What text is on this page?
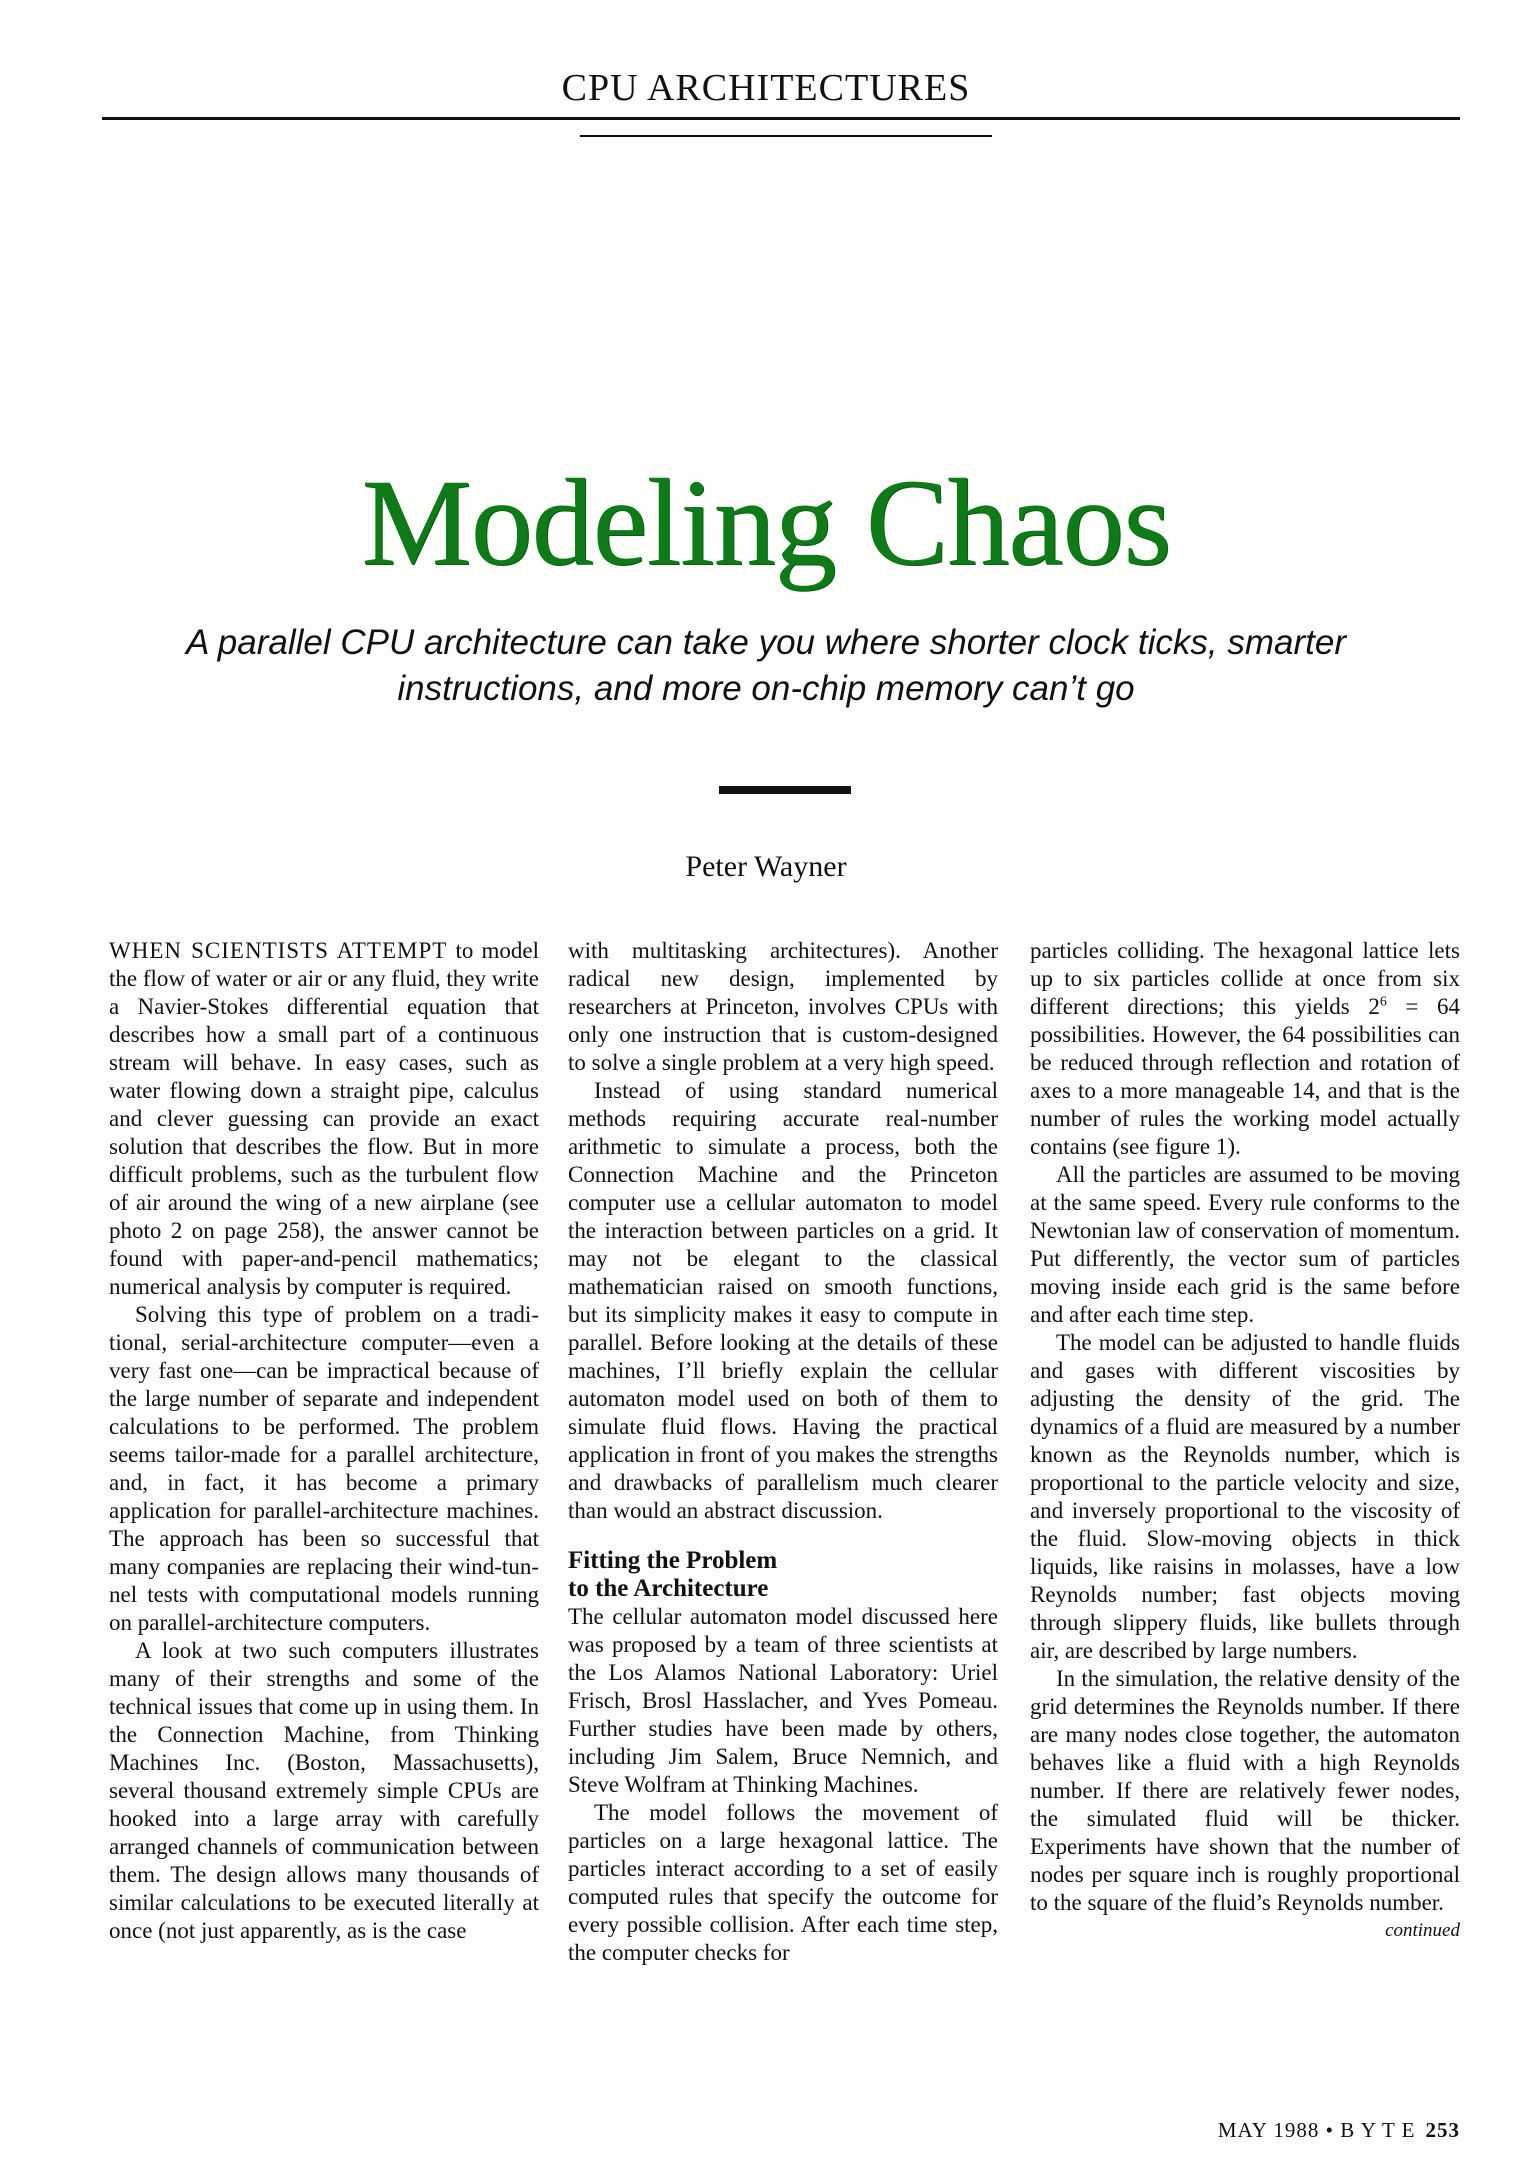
CPU ARCHITECTURES
Modeling Chaos
A parallel CPU architecture can take you where shorter clock ticks, smarter instructions, and more on-chip memory can’t go
Peter Wayner

WHEN SCIENTISTS ATTEMPT to model the flow of water or air or any fluid, they write a Navier-Stokes differential equation that describes how a small part of a continuous stream will behave. In easy cases, such as water flowing down a straight pipe, calculus and clever guessing can provide an exact solution that describes the flow. But in more difficult problems, such as the turbulent flow of air around the wing of a new airplane (see photo 2 on page 258), the answer cannot be found with paper-and-pencil mathematics; numerical analysis by computer is required.

Solving this type of problem on a traditional, serial-architecture computer—even a very fast one—can be impractical because of the large number of separate and independent calculations to be performed. The problem seems tailor-made for a parallel architecture, and, in fact, it has become a primary application for parallel-architecture machines. The approach has been so successful that many companies are replacing their wind-tunnel tests with computational models running on parallel-architecture computers.

A look at two such computers illustrates many of their strengths and some of the technical issues that come up in using them. In the Connection Machine, from Thinking Machines Inc. (Boston, Massachusetts), several thousand extremely simple CPUs are hooked into a large array with carefully arranged channels of communication between them. The design allows many thousands of similar calculations to be executed literally at once (not just apparently, as is the case

with multitasking architectures). Another radical new design, implemented by researchers at Princeton, involves CPUs with only one instruction that is custom-designed to solve a single problem at a very high speed.

Instead of using standard numerical methods requiring accurate real-number arithmetic to simulate a process, both the Connection Machine and the Princeton computer use a cellular automaton to model the interaction between particles on a grid. It may not be elegant to the classical mathematician raised on smooth functions, but its simplicity makes it easy to compute in parallel. Before looking at the details of these machines, I’ll briefly explain the cellular automaton model used on both of them to simulate fluid flows. Having the practical application in front of you makes the strengths and drawbacks of parallelism much clearer than would an abstract discussion.

Fitting the Problem
to the Architecture

The cellular automaton model discussed here was proposed by a team of three scientists at the Los Alamos National Laboratory: Uriel Frisch, Brosl Hasslacher, and Yves Pomeau. Further studies have been made by others, including Jim Salem, Bruce Nemnich, and Steve Wolfram at Thinking Machines.

The model follows the movement of particles on a large hexagonal lattice. The particles interact according to a set of easily computed rules that specify the outcome for every possible collision. After each time step, the computer checks for

particles colliding. The hexagonal lattice lets up to six particles collide at once from six different directions; this yields $2^6 = 64$ possibilities. However, the 64 possibilities can be reduced through reflection and rotation of axes to a more manageable 14, and that is the number of rules the working model actually contains (see figure 1).

All the particles are assumed to be moving at the same speed. Every rule conforms to the Newtonian law of conservation of momentum. Put differently, the vector sum of particles moving inside each grid is the same before and after each time step.

The model can be adjusted to handle fluids and gases with different viscosities by adjusting the density of the grid. The dynamics of a fluid are measured by a number known as the Reynolds number, which is proportional to the particle velocity and size, and inversely proportional to the viscosity of the fluid. Slow-moving objects in thick liquids, like raisins in molasses, have a low Reynolds number; fast objects moving through slippery fluids, like bullets through air, are described by large numbers.

In the simulation, the relative density of the grid determines the Reynolds number. If there are many nodes close together, the automaton behaves like a fluid with a high Reynolds number. If there are relatively fewer nodes, the simulated fluid will be thicker. Experiments have shown that the number of nodes per square inch is roughly proportional to the square of the fluid’s Reynolds number.

continued
MAY 1988 • B Y T E 253
